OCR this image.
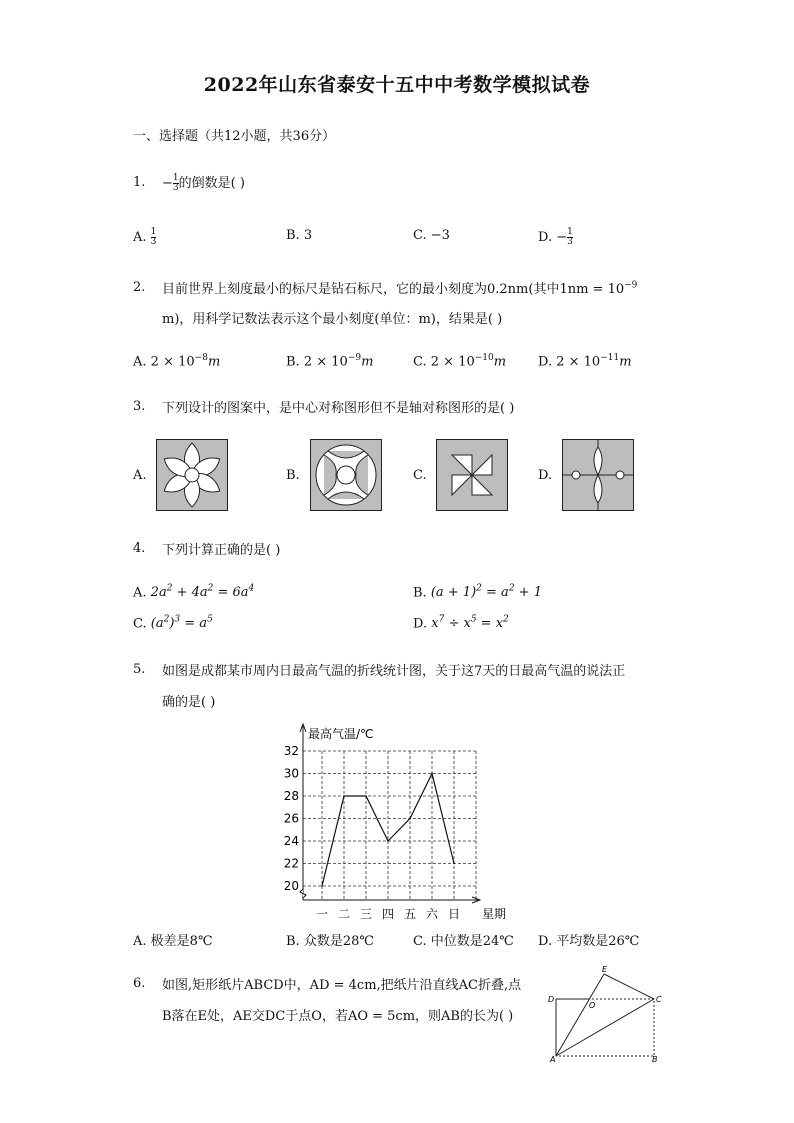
2022年山东省泰安十五中中考数学模拟试卷
一、选择题（共12小题，共36分）
1. − $\frac{1}{3}$ 的倒数是( )
A. $\frac{1}{3}$	B. 3	C. −3	D. − $\frac{1}{3}$
2. 目前世界上刻度最小的标尺是钻石标尺，它的最小刻度为0.2nm(其中$1nm = 10^{-9}$
m)，用科学记数法表示这个最小刻度(单位：m)，结果是( )
A. $2 \times 10^{-8}m$	B. $2 \times 10^{-9}m$	C. $2 \times 10^{-10}m$ D. $2 \times 10^{-11}m$
3. 下列设计的图案中，是中心对称图形但不是轴对称图形的是( )
A.	B.	C.	D.
4. 下列计算正确的是( )
A. $2a^2 + 4a^2 = 6a^4$	B. $(a + 1)^2 = a^2 + 1$
C. $(a^2)^3 = a^5$	D. $x^7 \div x^5 = x^2$
5. 如图是成都某市周内日最高气温的折线统计图，关于这7天的日最高气温的说法正
确的是( )
20
22
24
26
28
30
32
一 二 三 四 五 六 日
最高气温/℃
星期
A. 极差是8℃	B. 众数是28℃	C. 中位数是24℃ D. 平均数是26℃
6. 如图,矩形纸片ABCD中，AD = 4cm,把纸片沿直线AC折叠,点
B落在E处，AE交DC于点O，若AO = 5cm，则AB的长为( )
E
D
O
C
A	B
